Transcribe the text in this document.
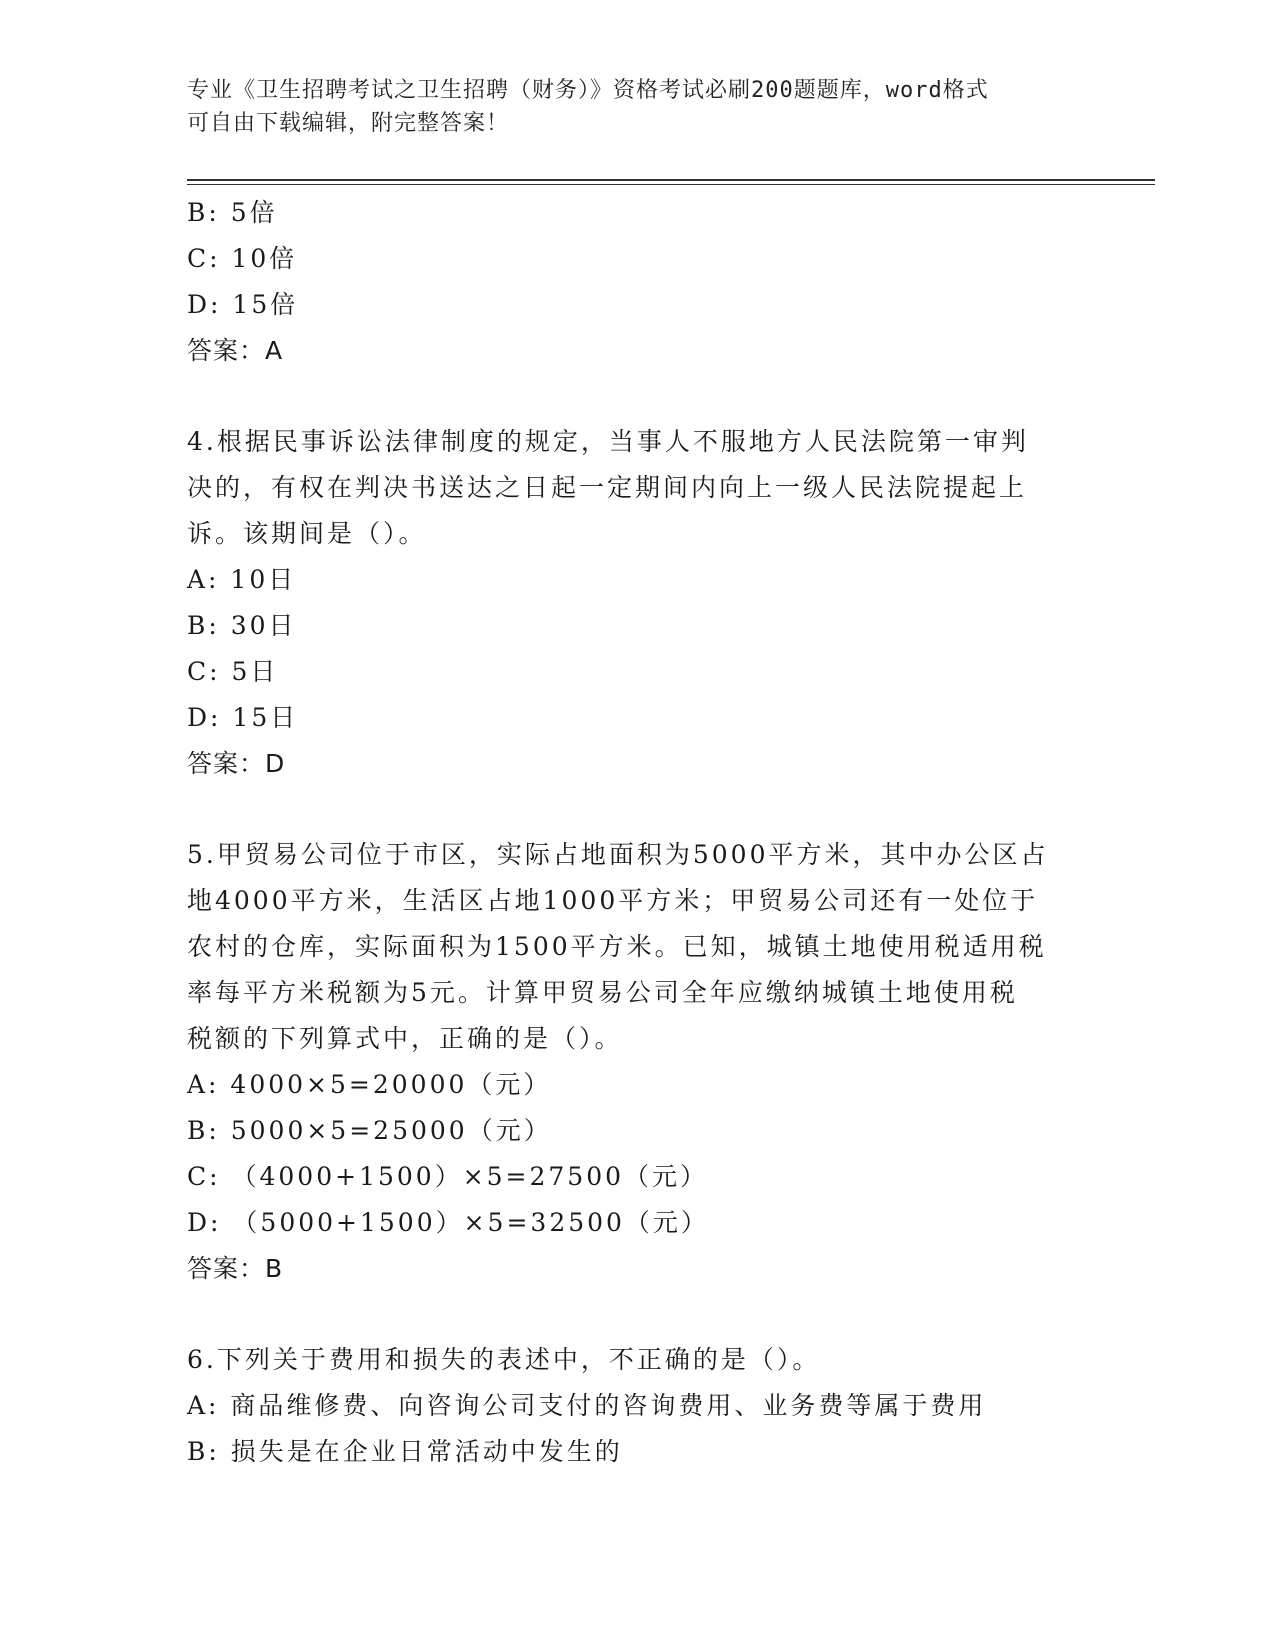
专业《卫生招聘考试之卫生招聘（财务）》资格考试必刷200题题库，word格式
可自由下载编辑，附完整答案！
B: 5倍
C: 10倍
D: 15倍
答案：A
4.根据民事诉讼法律制度的规定，当事人不服地方人民法院第一审判
决的，有权在判决书送达之日起一定期间内向上一级人民法院提起上
诉。该期间是（）。
A: 10日
B: 30日
C: 5日
D: 15日
答案：D
5.甲贸易公司位于市区，实际占地面积为5000平方米，其中办公区占
地4000平方米，生活区占地1000平方米；甲贸易公司还有一处位于
农村的仓库，实际面积为1500平方米。已知，城镇土地使用税适用税
率每平方米税额为5元。计算甲贸易公司全年应缴纳城镇土地使用税
税额的下列算式中，正确的是（）。
A: 4000×5=20000（元）
B: 5000×5=25000（元）
C: （4000+1500）×5=27500（元）
D: （5000+1500）×5=32500（元）
答案：B
6.下列关于费用和损失的表述中，不正确的是（）。
A: 商品维修费、向咨询公司支付的咨询费用、业务费等属于费用
B: 损失是在企业日常活动中发生的
